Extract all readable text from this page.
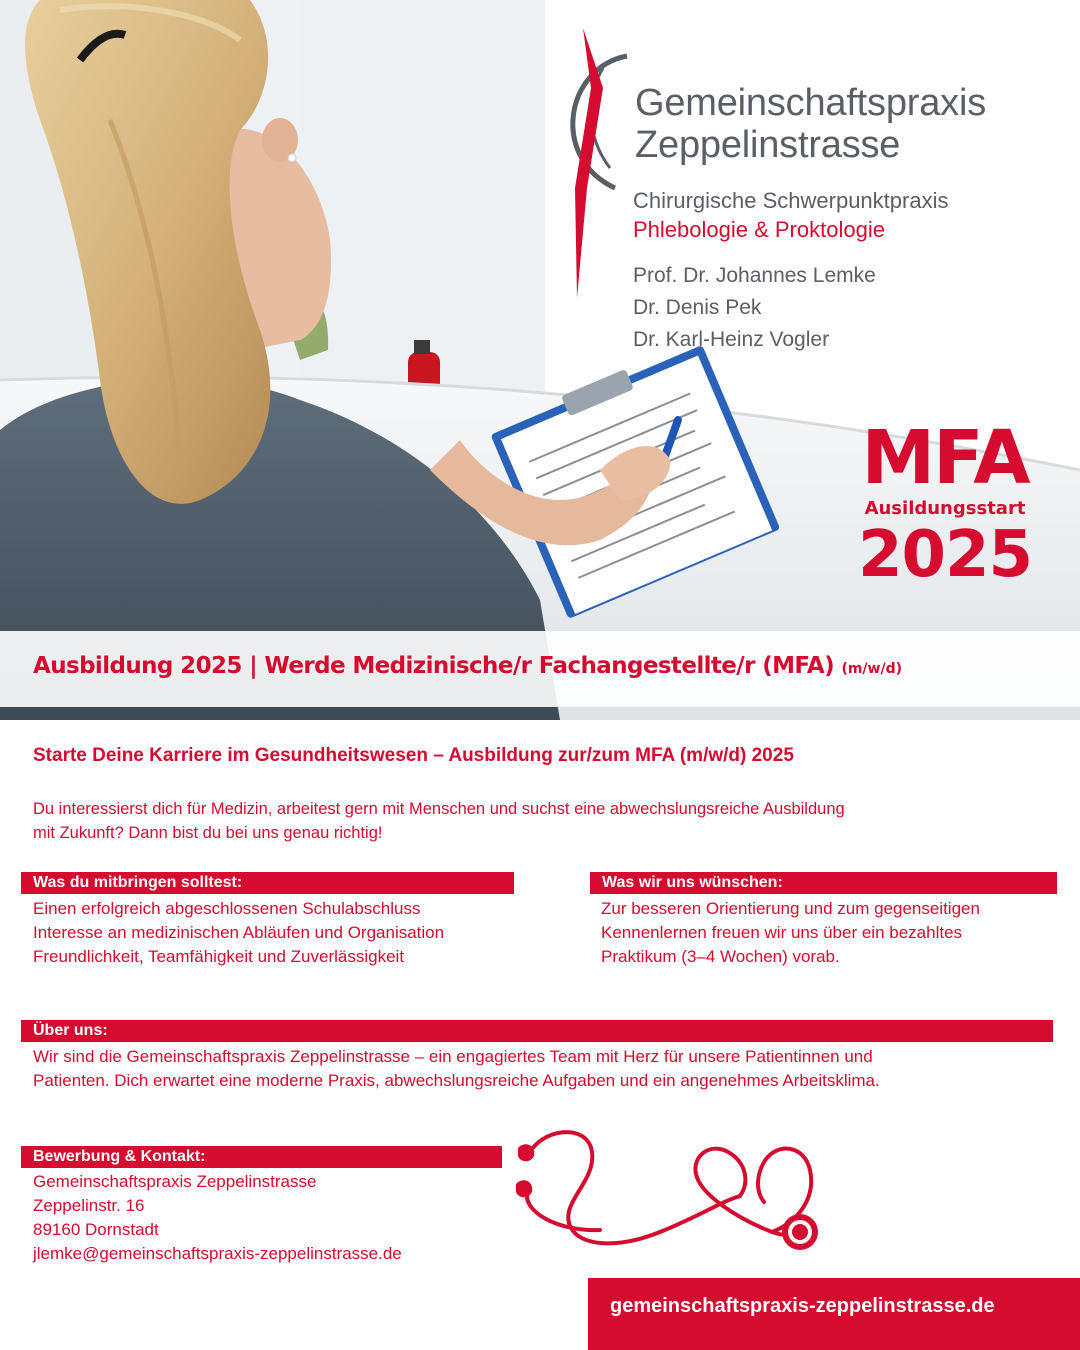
Gemeinschaftspraxis
Zeppelinstrasse
Chirurgische Schwerpunktpraxis
Phlebologie & Proktologie
Prof. Dr. Johannes Lemke
Dr. Denis Pek
Dr. Karl-Heinz Vogler
MFA
Ausildungsstart
2025
Ausbildung 2025 | Werde Medizinische/r Fachangestellte/r (MFA) (m/w/d)
Starte Deine Karriere im Gesundheitswesen – Ausbildung zur/zum MFA (m/w/d) 2025
Du interessierst dich für Medizin, arbeitest gern mit Menschen und suchst eine abwechslungsreiche Ausbildung
mit Zukunft? Dann bist du bei uns genau richtig!
Was du mitbringen solltest:
Einen erfolgreich abgeschlossenen Schulabschluss
Interesse an medizinischen Abläufen und Organisation
Freundlichkeit, Teamfähigkeit und Zuverlässigkeit
Was wir uns wünschen:
Zur besseren Orientierung und zum gegenseitigen
Kennenlernen freuen wir uns über ein bezahltes
Praktikum (3–4 Wochen) vorab.
Über uns:
Wir sind die Gemeinschaftspraxis Zeppelinstrasse – ein engagiertes Team mit Herz für unsere Patientinnen und
Patienten. Dich erwartet eine moderne Praxis, abwechslungsreiche Aufgaben und ein angenehmes Arbeitsklima.
Bewerbung & Kontakt:
Gemeinschaftspraxis Zeppelinstrasse
Zeppelinstr. 16
89160 Dornstadt
jlemke@gemeinschaftspraxis-zeppelinstrasse.de
gemeinschaftspraxis-zeppelinstrasse.de
